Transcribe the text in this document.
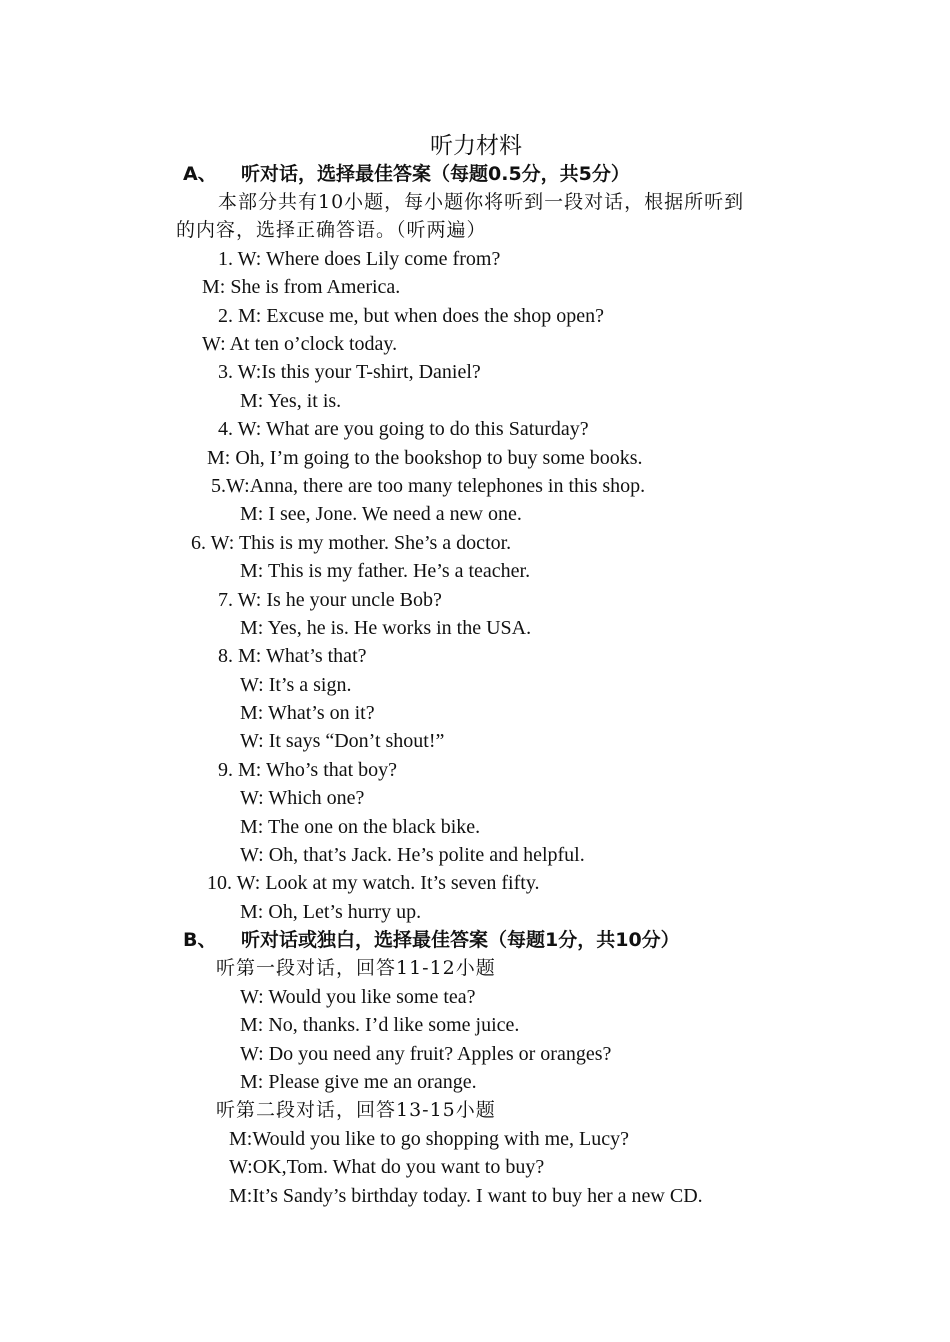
听力材料
A、 听对话，选择最佳答案（每题0.5分，共5分）
本部分共有10小题，每小题你将听到一段对话，根据所听到
的内容，选择正确答语。（听两遍）
1. W: Where does Lily come from?
M: She is from America.
2. M: Excuse me, but when does the shop open?
W: At ten o’clock today.
3. W:Is this your T-shirt, Daniel?
M: Yes, it is.
4. W: What are you going to do this Saturday?
M: Oh, I’m going to the bookshop to buy some books.
5.W:Anna, there are too many telephones in this shop.
M: I see, Jone. We need a new one.
6. W: This is my mother. She’s a doctor.
M: This is my father. He’s a teacher.
7. W: Is he your uncle Bob?
M: Yes, he is. He works in the USA.
8. M: What’s that?
W: It’s a sign.
M: What’s on it?
W: It says “Don’t shout!”
9. M: Who’s that boy?
W: Which one?
M: The one on the black bike.
W: Oh, that’s Jack. He’s polite and helpful.
10. W: Look at my watch. It’s seven fifty.
M: Oh, Let’s hurry up.
B、 听对话或独白，选择最佳答案（每题1分，共10分）
听第一段对话，回答11-12小题
W: Would you like some tea?
M: No, thanks. I’d like some juice.
W: Do you need any fruit? Apples or oranges?
M: Please give me an orange.
听第二段对话，回答13-15小题
M:Would you like to go shopping with me, Lucy?
W:OK,Tom. What do you want to buy?
M:It’s Sandy’s birthday today. I want to buy her a new CD.
